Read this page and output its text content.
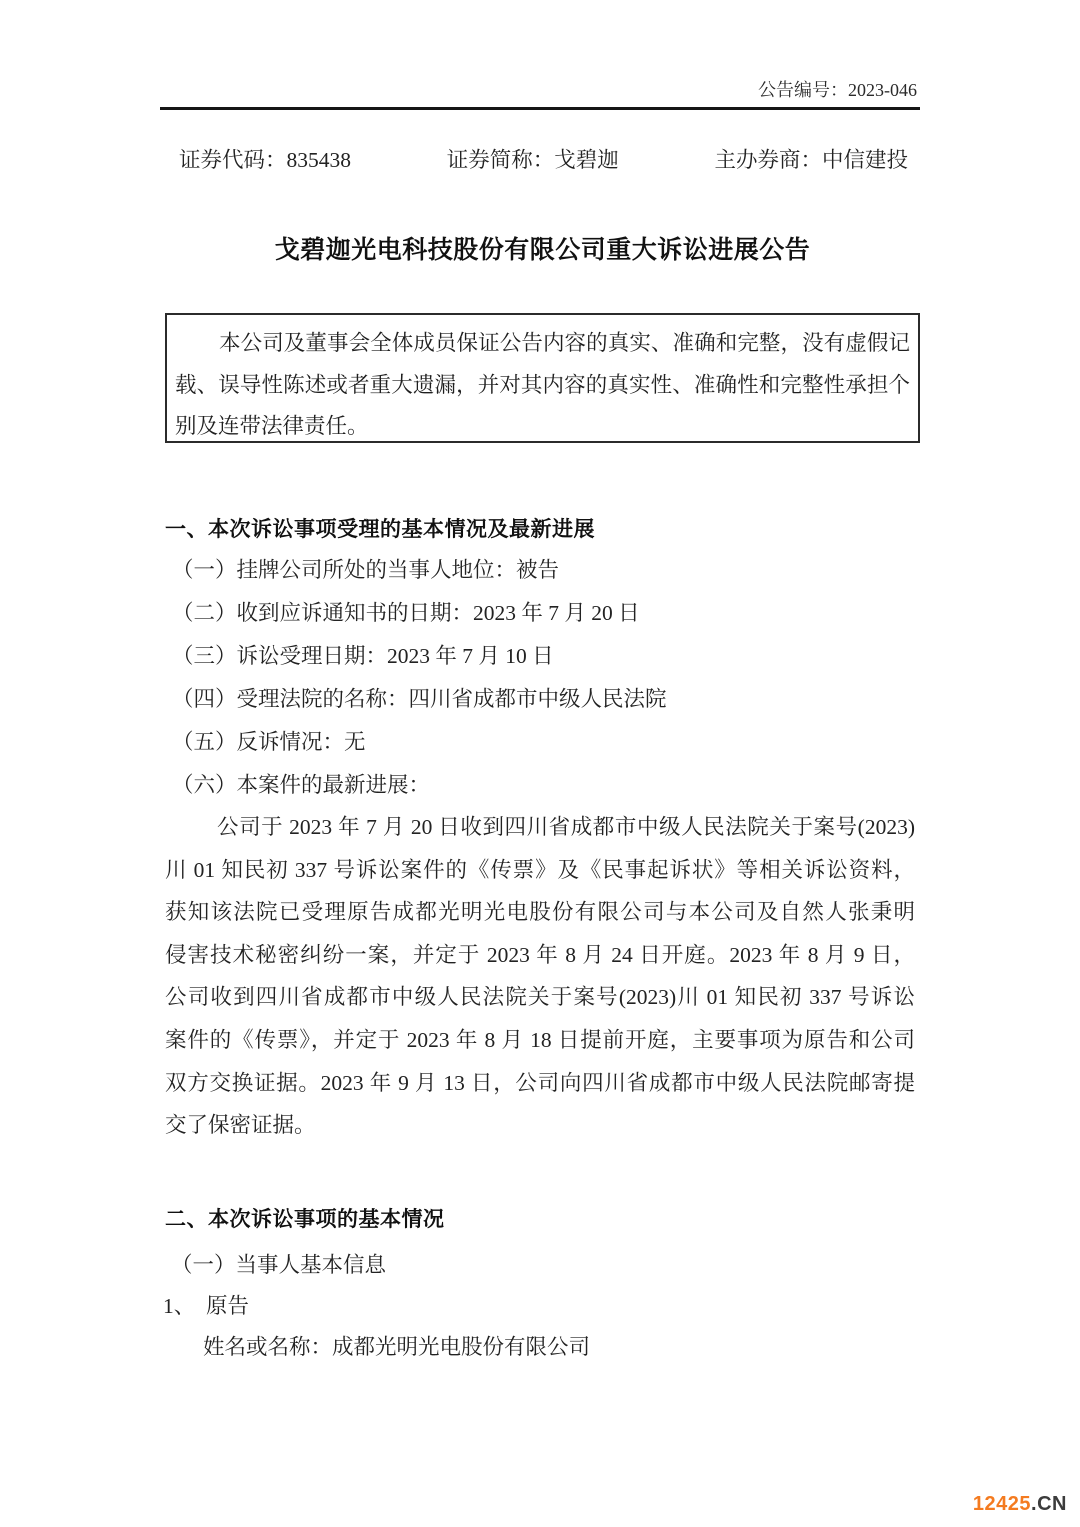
公告编号：2023-046
证券代码：835438	证券简称：戈碧迦	主办券商：中信建投
戈碧迦光电科技股份有限公司重大诉讼进展公告
本公司及董事会全体成员保证公告内容的真实、准确和完整，没有虚假记
载、误导性陈述或者重大遗漏，并对其内容的真实性、准确性和完整性承担个
别及连带法律责任。
一、本次诉讼事项受理的基本情况及最新进展
（一）挂牌公司所处的当事人地位：被告
（二）收到应诉通知书的日期：2023 年 7 月 20 日
（三）诉讼受理日期：2023 年 7 月 10 日
（四）受理法院的名称：四川省成都市中级人民法院
（五）反诉情况：无
（六）本案件的最新进展：
公司于 2023 年 7 月 20 日收到四川省成都市中级人民法院关于案号(2023)
川 01 知民初 337 号诉讼案件的《传票》及《民事起诉状》等相关诉讼资料，
获知该法院已受理原告成都光明光电股份有限公司与本公司及自然人张秉明
侵害技术秘密纠纷一案，并定于 2023 年 8 月 24 日开庭。2023 年 8 月 9 日，
公司收到四川省成都市中级人民法院关于案号(2023)川 01 知民初 337 号诉讼
案件的《传票》，并定于 2023 年 8 月 18 日提前开庭，主要事项为原告和公司
双方交换证据。2023 年 9 月 13 日，公司向四川省成都市中级人民法院邮寄提
交了保密证据。
二、本次诉讼事项的基本情况
（一）当事人基本信息
1、　原告
姓名或名称：成都光明光电股份有限公司
12425.CN
